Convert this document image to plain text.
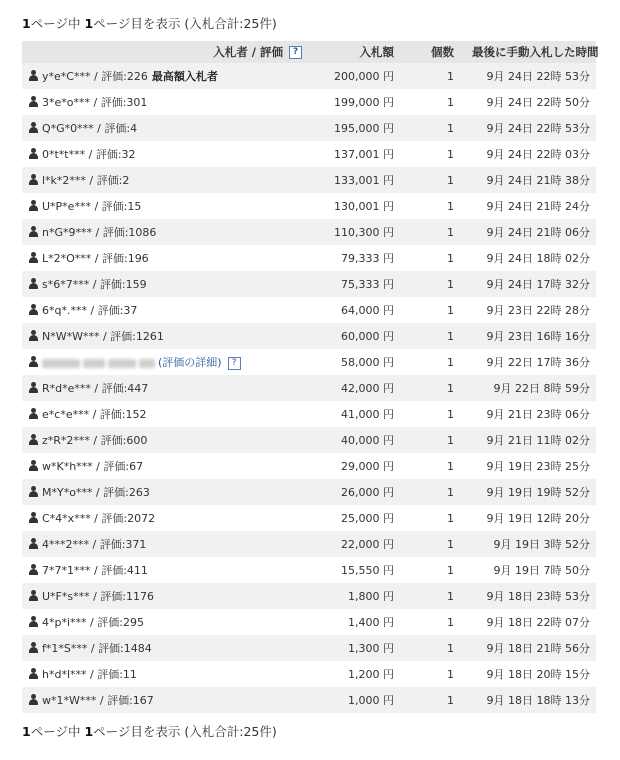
1ページ中 1ページ目を表示 (入札合計:25件)
入札者 / 評価 ?	入札額	個数	最後に手動入札した時間
y*e*C*** / 評価:226 最高額入札者	200,000 円	1	9月 24日 22時 53分
3*e*o*** / 評価:301	199,000 円	1	9月 24日 22時 50分
Q*G*0*** / 評価:4	195,000 円	1	9月 24日 22時 53分
0*t*t*** / 評価:32	137,001 円	1	9月 24日 22時 03分
l*k*2*** / 評価:2	133,001 円	1	9月 24日 21時 38分
U*P*e*** / 評価:15	130,001 円	1	9月 24日 21時 24分
n*G*9*** / 評価:1086	110,300 円	1	9月 24日 21時 06分
L*2*O*** / 評価:196	79,333 円	1	9月 24日 18時 02分
s*6*7*** / 評価:159	75,333 円	1	9月 24日 17時 32分
6*q*.*** / 評価:37	64,000 円	1	9月 23日 22時 28分
N*W*W*** / 評価:1261	60,000 円	1	9月 23日 16時 16分
(評価の詳細) ?	58,000 円	1	9月 22日 17時 36分
R*d*e*** / 評価:447	42,000 円	1	9月 22日 8時 59分
e*c*e*** / 評価:152	41,000 円	1	9月 21日 23時 06分
z*R*2*** / 評価:600	40,000 円	1	9月 21日 11時 02分
w*K*h*** / 評価:67	29,000 円	1	9月 19日 23時 25分
M*Y*o*** / 評価:263	26,000 円	1	9月 19日 19時 52分
C*4*x*** / 評価:2072	25,000 円	1	9月 19日 12時 20分
4***2*** / 評価:371	22,000 円	1	9月 19日 3時 52分
7*7*1*** / 評価:411	15,550 円	1	9月 19日 7時 50分
U*F*s*** / 評価:1176	1,800 円	1	9月 18日 23時 53分
4*p*i*** / 評価:295	1,400 円	1	9月 18日 22時 07分
f*1*S*** / 評価:1484	1,300 円	1	9月 18日 21時 56分
h*d*l*** / 評価:11	1,200 円	1	9月 18日 20時 15分
w*1*W*** / 評価:167	1,000 円	1	9月 18日 18時 13分
1ページ中 1ページ目を表示 (入札合計:25件)
